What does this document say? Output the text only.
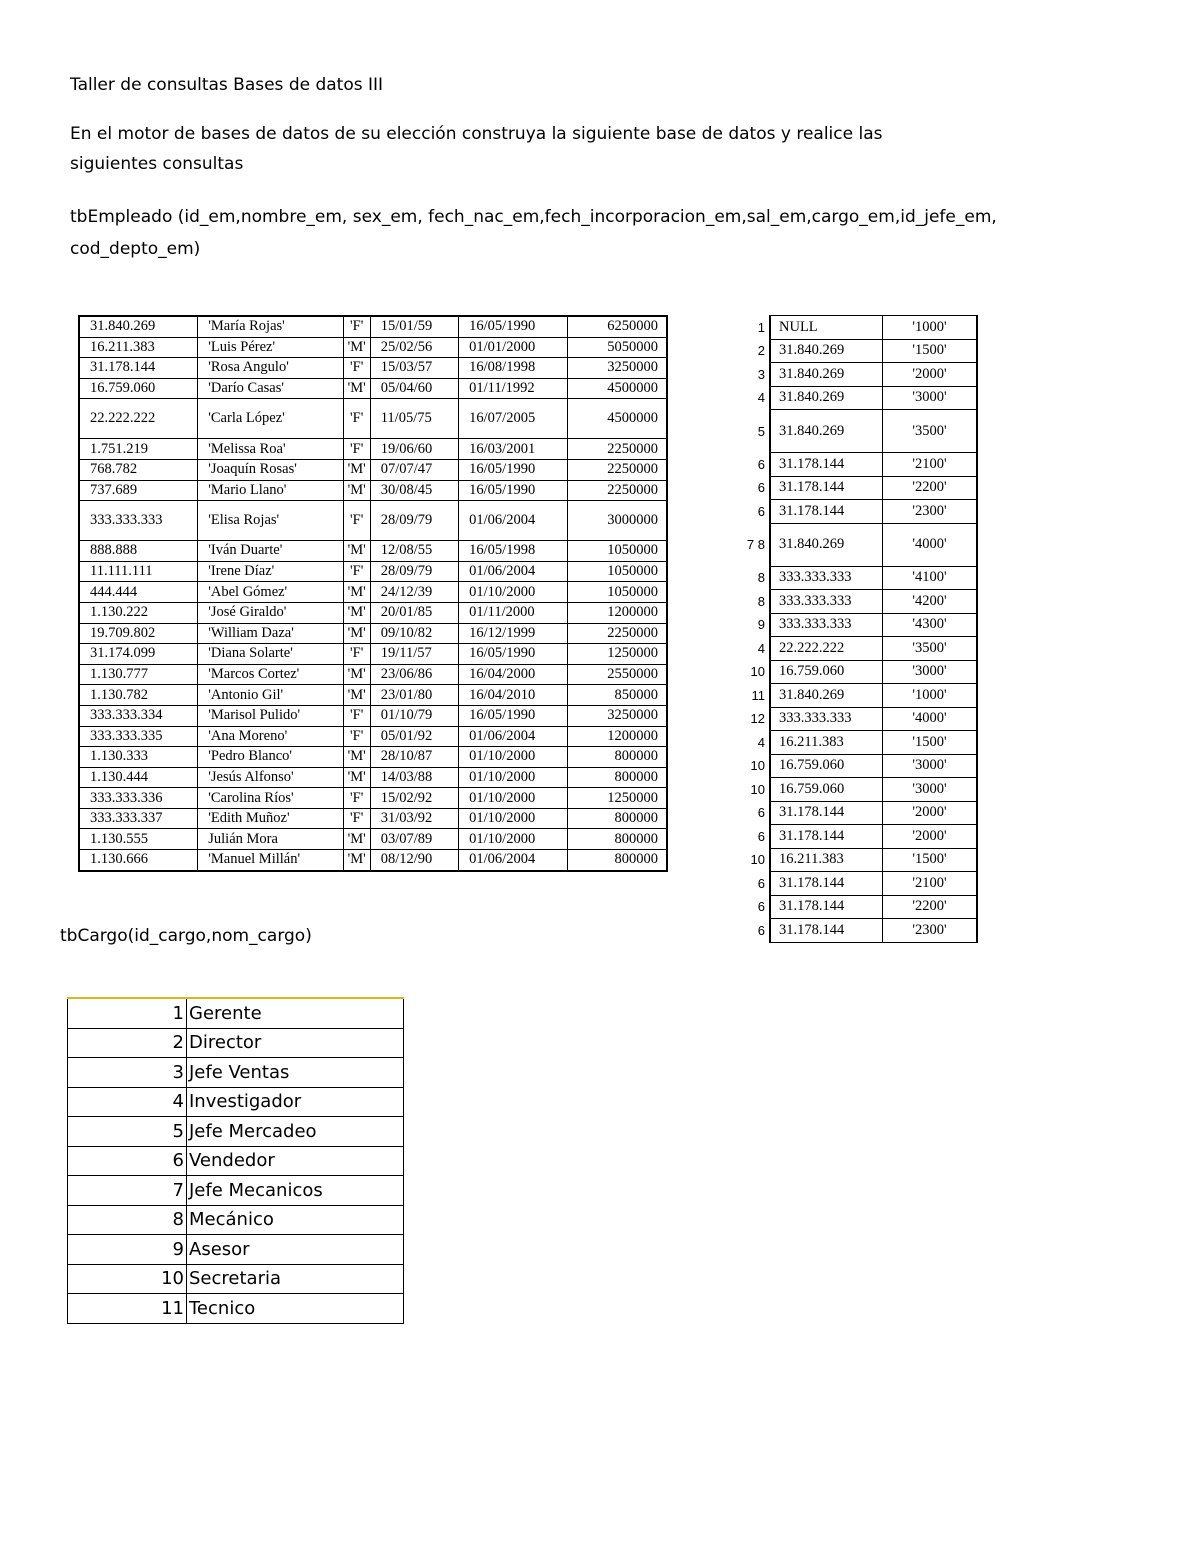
Taller de consultas Bases de datos III

En el motor de bases de datos de su elección construya la siguiente base de datos y realice las

siguientes consultas

tbEmpleado (id_em,nombre_em, sex_em, fech_nac_em,fech_incorporacion_em,sal_em,cargo_em,id_jefe_em,

cod_depto_em)

31.840.269	'María Rojas'	'F'	15/01/59	16/05/1990	6250000
16.211.383	'Luis Pérez'	'M'	25/02/56	01/01/2000	5050000
31.178.144	'Rosa Angulo'	'F'	15/03/57	16/08/1998	3250000
16.759.060	'Darío Casas'	'M'	05/04/60	01/11/1992	4500000
22.222.222	'Carla López'	'F'	11/05/75	16/07/2005	4500000
1.751.219	'Melissa Roa'	'F'	19/06/60	16/03/2001	2250000
768.782	'Joaquín Rosas'	'M'	07/07/47	16/05/1990	2250000
737.689	'Mario Llano'	'M'	30/08/45	16/05/1990	2250000
333.333.333	'Elisa Rojas'	'F'	28/09/79	01/06/2004	3000000
888.888	'Iván Duarte'	'M'	12/08/55	16/05/1998	1050000
11.111.111	'Irene Díaz'	'F'	28/09/79	01/06/2004	1050000
444.444	'Abel Gómez'	'M'	24/12/39	01/10/2000	1050000
1.130.222	'José Giraldo'	'M'	20/01/85	01/11/2000	1200000
19.709.802	'William Daza'	'M'	09/10/82	16/12/1999	2250000
31.174.099	'Diana Solarte'	'F'	19/11/57	16/05/1990	1250000
1.130.777	'Marcos Cortez'	'M'	23/06/86	16/04/2000	2550000
1.130.782	'Antonio Gil'	'M'	23/01/80	16/04/2010	850000
333.333.334	'Marisol Pulido'	'F'	01/10/79	16/05/1990	3250000
333.333.335	'Ana Moreno'	'F'	05/01/92	01/06/2004	1200000
1.130.333	'Pedro Blanco'	'M'	28/10/87	01/10/2000	800000
1.130.444	'Jesús Alfonso'	'M'	14/03/88	01/10/2000	800000
333.333.336	'Carolina Ríos'	'F'	15/02/92	01/10/2000	1250000
333.333.337	'Edith Muñoz'	'F'	31/03/92	01/10/2000	800000
1.130.555	Julián Mora	'M'	03/07/89	01/10/2000	800000
1.130.666	'Manuel Millán'	'M'	08/12/90	01/06/2004	800000
1	NULL	'1000'
2	31.840.269	'1500'
3	31.840.269	'2000'
4	31.840.269	'3000'
5	31.840.269	'3500'
6	31.178.144	'2100'
6	31.178.144	'2200'
6	31.178.144	'2300'
7 8	31.840.269	'4000'
8	333.333.333	'4100'
8	333.333.333	'4200'
9	333.333.333	'4300'
4	22.222.222	'3500'
10	16.759.060	'3000'
11	31.840.269	'1000'
12	333.333.333	'4000'
4	16.211.383	'1500'
10	16.759.060	'3000'
10	16.759.060	'3000'
6	31.178.144	'2000'
6	31.178.144	'2000'
10	16.211.383	'1500'
6	31.178.144	'2100'
6	31.178.144	'2200'
6	31.178.144	'2300'

tbCargo(id_cargo,nom_cargo)

1	Gerente
2	Director
3	Jefe Ventas
4	Investigador
5	Jefe Mercadeo
6	Vendedor
7	Jefe Mecanicos
8	Mecánico
9	Asesor
10	Secretaria
11	Tecnico
